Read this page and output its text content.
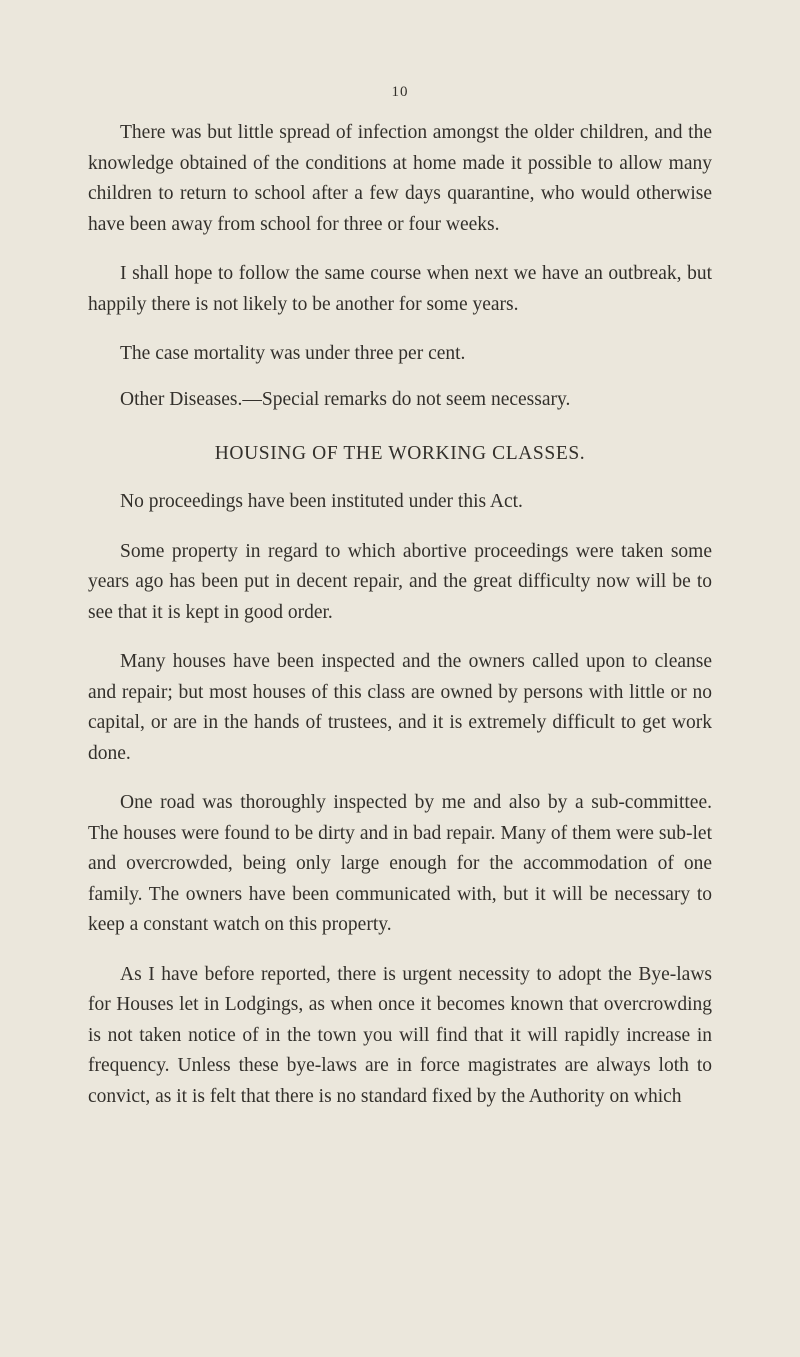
10

There was but little spread of infection amongst the older children, and the knowledge obtained of the conditions at home made it possible to allow many children to return to school after a few days quarantine, who would otherwise have been away from school for three or four weeks.

I shall hope to follow the same course when next we have an outbreak, but happily there is not likely to be another for some years.

The case mortality was under three per cent.

Other Diseases.—Special remarks do not seem necessary.

HOUSING OF THE WORKING CLASSES.

No proceedings have been instituted under this Act.

Some property in regard to which abortive proceedings were taken some years ago has been put in decent repair, and the great difficulty now will be to see that it is kept in good order.

Many houses have been inspected and the owners called upon to cleanse and repair; but most houses of this class are owned by persons with little or no capital, or are in the hands of trustees, and it is extremely difficult to get work done.

One road was thoroughly inspected by me and also by a sub-committee. The houses were found to be dirty and in bad repair. Many of them were sub-let and overcrowded, being only large enough for the accommodation of one family. The owners have been communicated with, but it will be necessary to keep a constant watch on this property.

As I have before reported, there is urgent necessity to adopt the Bye-laws for Houses let in Lodgings, as when once it becomes known that overcrowding is not taken notice of in the town you will find that it will rapidly increase in frequency. Unless these bye-laws are in force magistrates are always loth to convict, as it is felt that there is no standard fixed by the Authority on which
